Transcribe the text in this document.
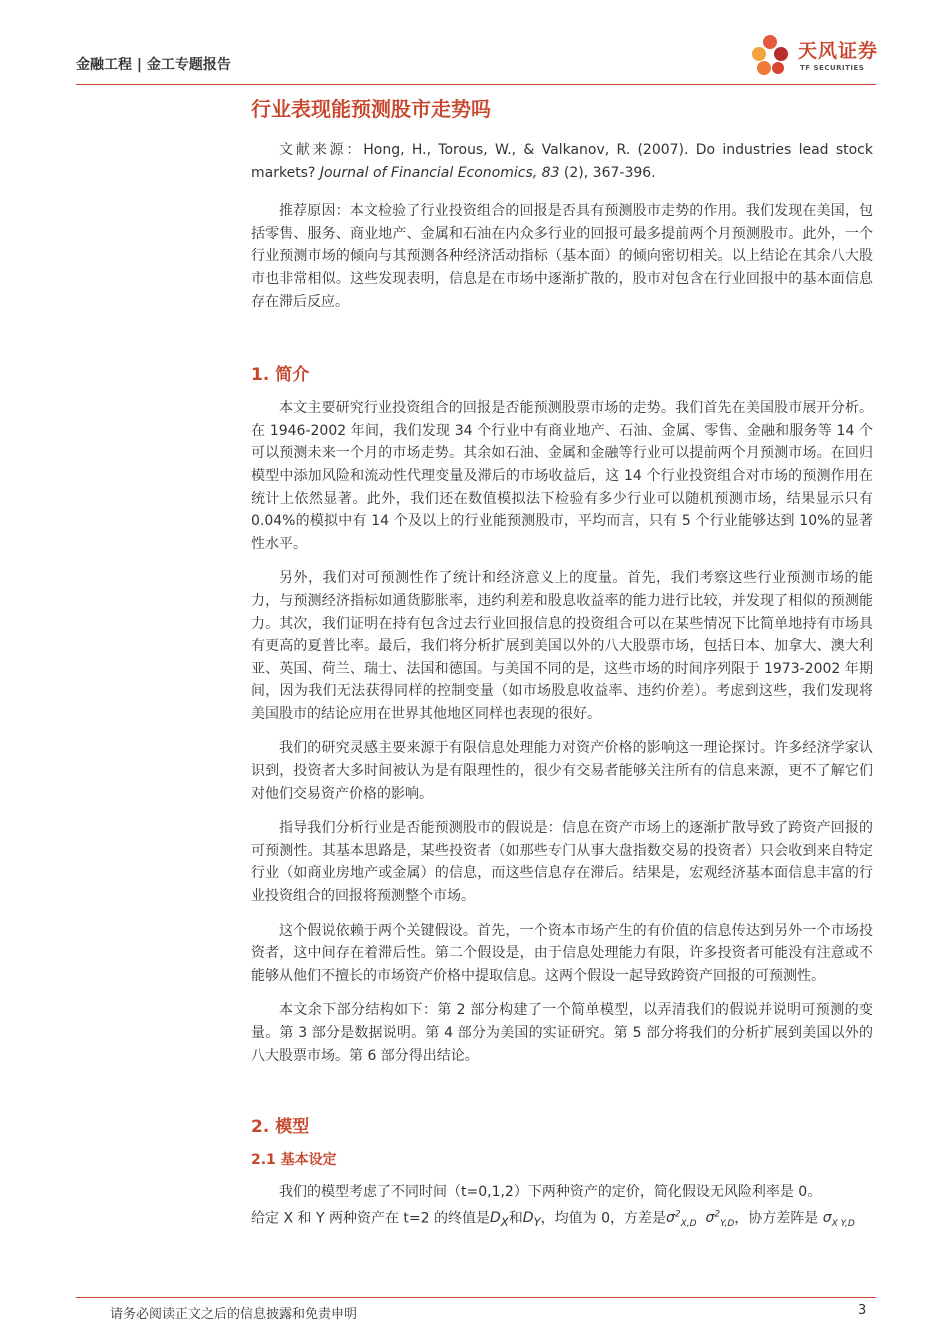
金融工程 | 金工专题报告
天风证券
TF SECURITIES
行业表现能预测股市走势吗

文献来源：Hong, H., Torous, W., & Valkanov, R. (2007). Do industries lead stock markets? Journal of Financial Economics, 83 (2), 367-396.

推荐原因：本文检验了行业投资组合的回报是否具有预测股市走势的作用。我们发现在美国，包括零售、服务、商业地产、金属和石油在内众多行业的回报可最多提前两个月预测股市。此外，一个行业预测市场的倾向与其预测各种经济活动指标（基本面）的倾向密切相关。以上结论在其余八大股市也非常相似。这些发现表明，信息是在市场中逐渐扩散的，股市对包含在行业回报中的基本面信息存在滞后反应。

1. 简介

本文主要研究行业投资组合的回报是否能预测股票市场的走势。我们首先在美国股市展开分析。在 1946-2002 年间，我们发现 34 个行业中有商业地产、石油、金属、零售、金融和服务等 14 个可以预测未来一个月的市场走势。其余如石油、金属和金融等行业可以提前两个月预测市场。在回归模型中添加风险和流动性代理变量及滞后的市场收益后，这 14 个行业投资组合对市场的预测作用在统计上依然显著。此外，我们还在数值模拟法下检验有多少行业可以随机预测市场，结果显示只有 0.04%的模拟中有 14 个及以上的行业能预测股市，平均而言，只有 5 个行业能够达到 10%的显著性水平。

另外，我们对可预测性作了统计和经济意义上的度量。首先，我们考察这些行业预测市场的能力，与预测经济指标如通货膨胀率，违约利差和股息收益率的能力进行比较，并发现了相似的预测能力。其次，我们证明在持有包含过去行业回报信息的投资组合可以在某些情况下比简单地持有市场具有更高的夏普比率。最后，我们将分析扩展到美国以外的八大股票市场，包括日本、加拿大、澳大利亚、英国、荷兰、瑞士、法国和德国。与美国不同的是，这些市场的时间序列限于 1973-2002 年期间，因为我们无法获得同样的控制变量（如市场股息收益率、违约价差）。考虑到这些，我们发现将美国股市的结论应用在世界其他地区同样也表现的很好。

我们的研究灵感主要来源于有限信息处理能力对资产价格的影响这一理论探讨。许多经济学家认识到，投资者大多时间被认为是有限理性的，很少有交易者能够关注所有的信息来源，更不了解它们对他们交易资产价格的影响。

指导我们分析行业是否能预测股市的假说是：信息在资产市场上的逐渐扩散导致了跨资产回报的可预测性。其基本思路是，某些投资者（如那些专门从事大盘指数交易的投资者）只会收到来自特定行业（如商业房地产或金属）的信息，而这些信息存在滞后。结果是，宏观经济基本面信息丰富的行业投资组合的回报将预测整个市场。

这个假说依赖于两个关键假设。首先，一个资本市场产生的有价值的信息传达到另外一个市场投资者，这中间存在着滞后性。第二个假设是，由于信息处理能力有限，许多投资者可能没有注意或不能够从他们不擅长的市场资产价格中提取信息。这两个假设一起导致跨资产回报的可预测性。

本文余下部分结构如下：第 2 部分构建了一个简单模型，以弄清我们的假说并说明可预测的变量。第 3 部分是数据说明。第 4 部分为美国的实证研究。第 5 部分将我们的分析扩展到美国以外的八大股票市场。第 6 部分得出结论。

2. 模型
2.1 基本设定

我们的模型考虑了不同时间（t=0,1,2）下两种资产的定价，简化假设无风险利率是 0。
给定 X 和 Y 两种资产在 t=2 的终值是$D_X$和$D_Y$，均值为 0，方差是$\sigma^2_{X,D}$ $\sigma^2_{Y,D}$，协方差阵是 $\sigma_{X Y,D}$

请务必阅读正文之后的信息披露和免责申明	3
